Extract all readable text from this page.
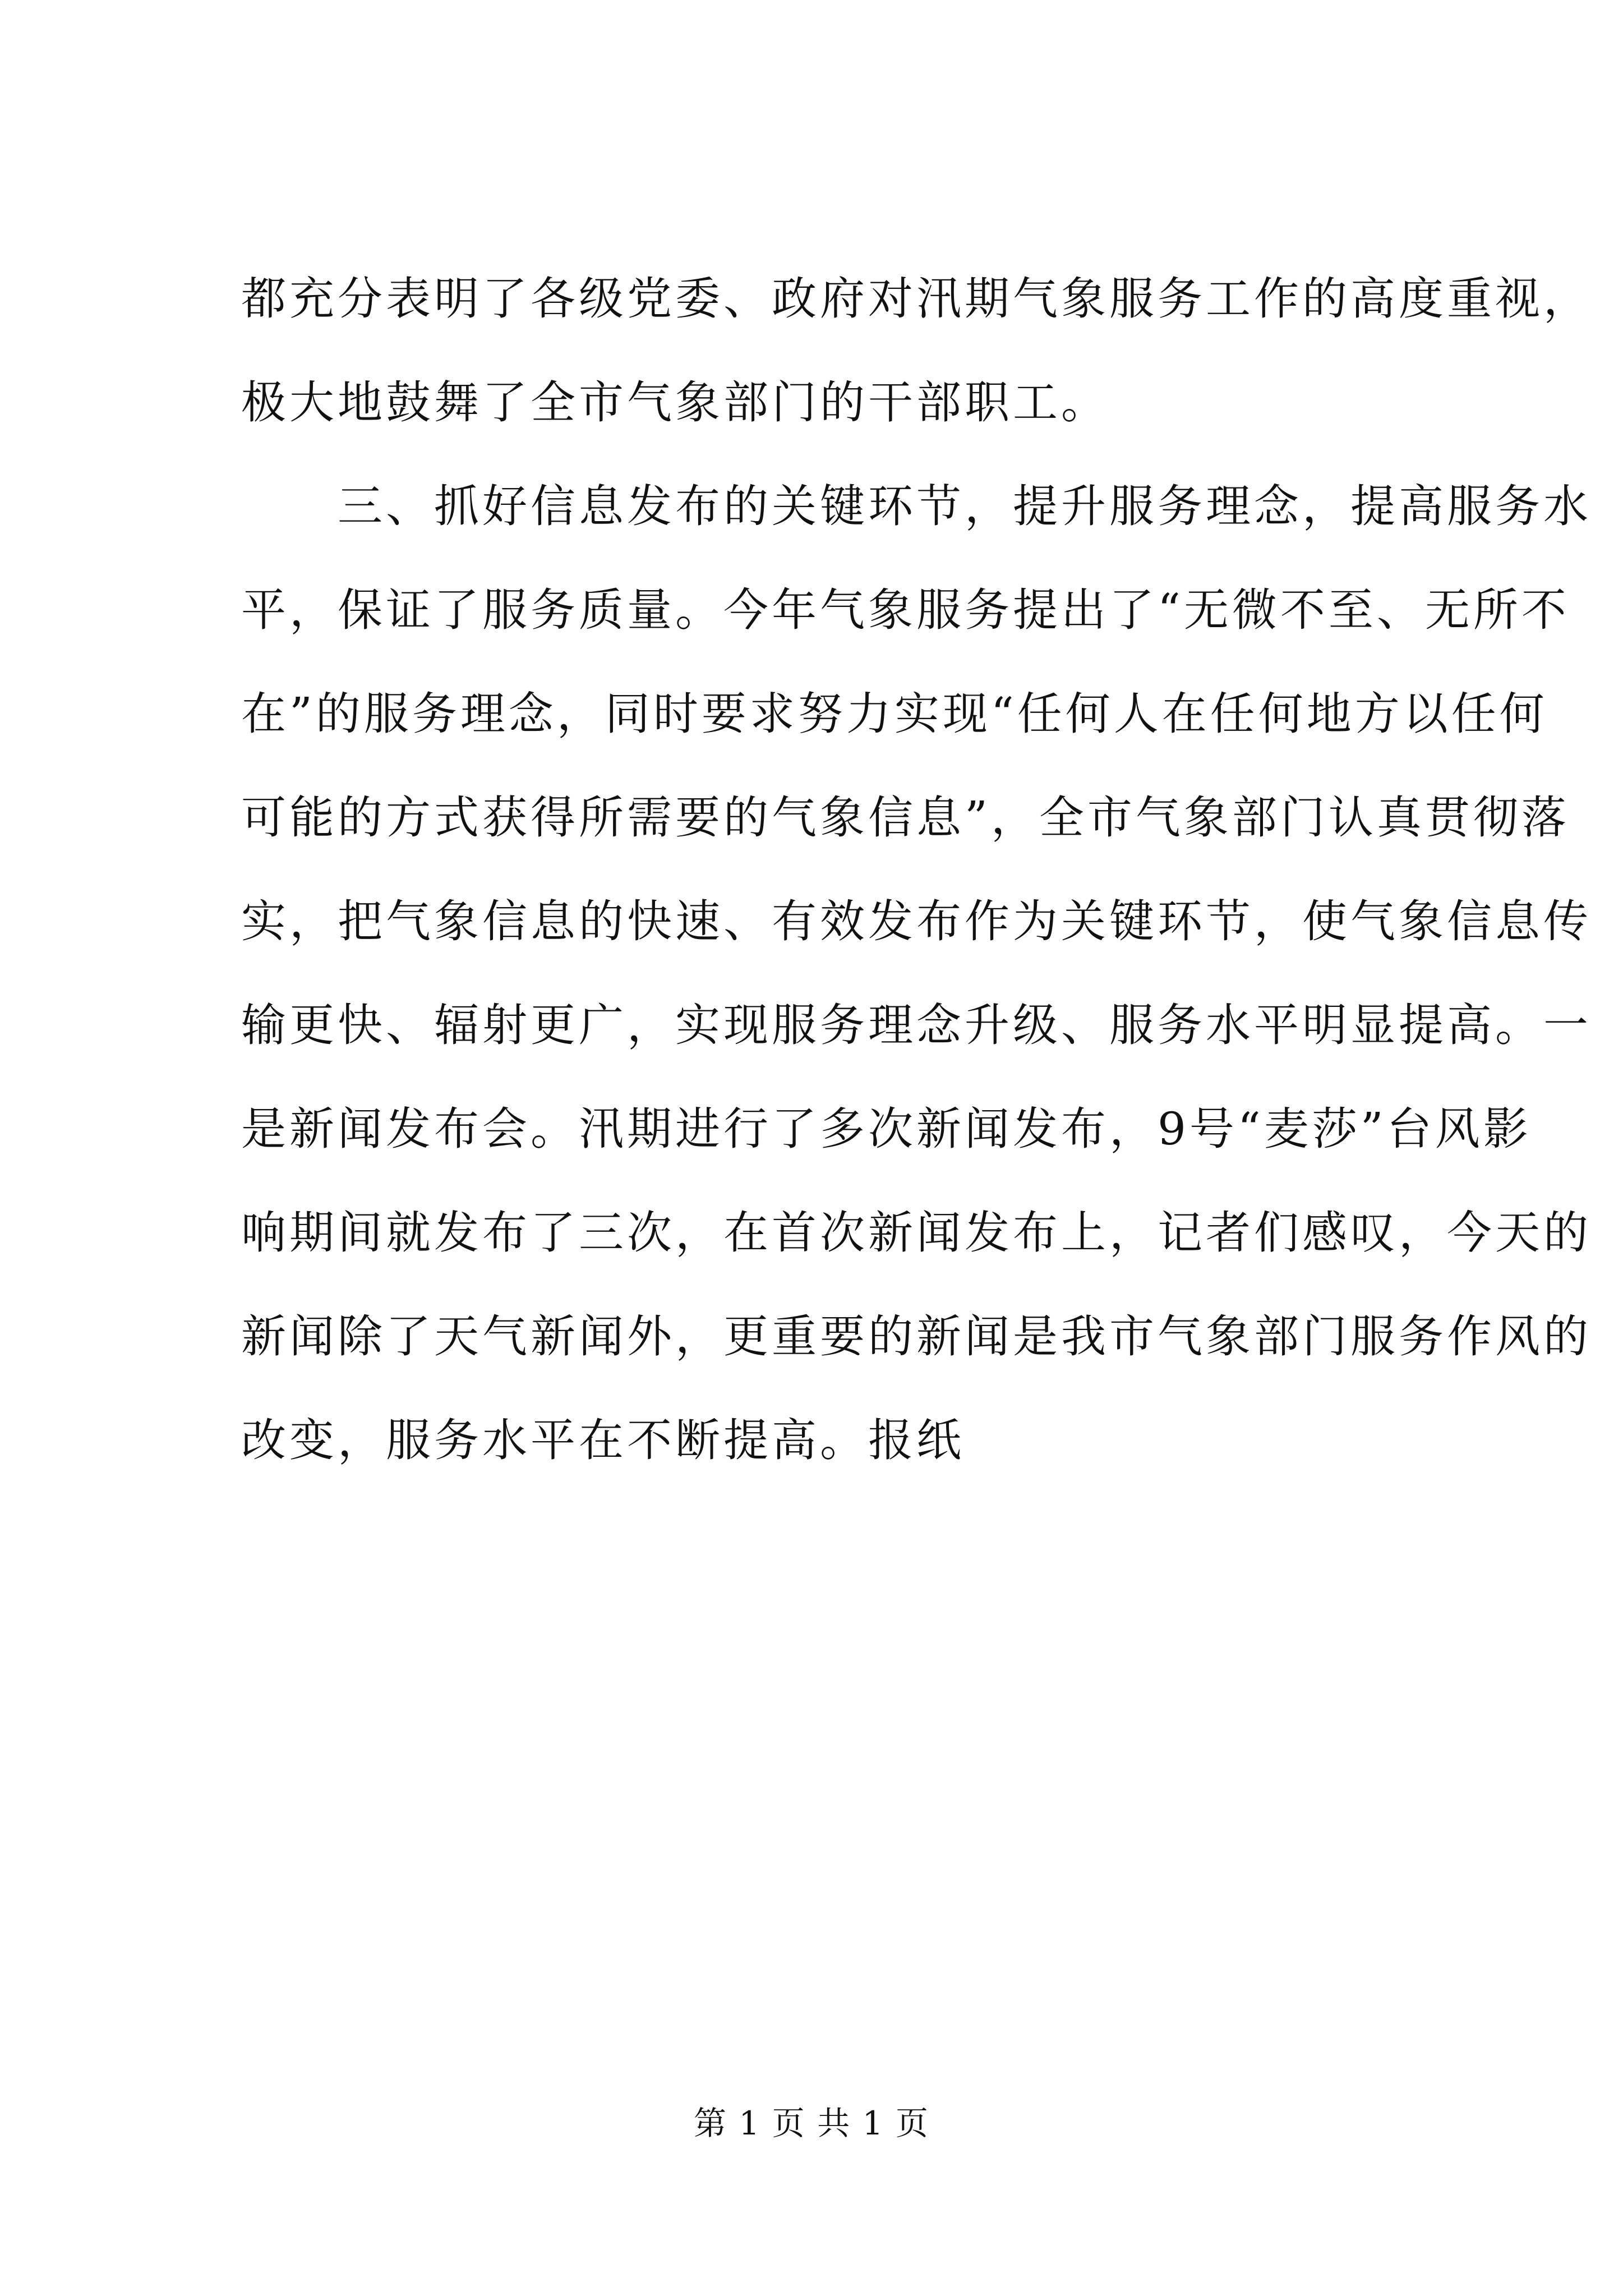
都充分表明了各级党委、政府对汛期气象服务工作的高度重视，
极大地鼓舞了全市气象部门的干部职工。
　　三、抓好信息发布的关键环节，提升服务理念，提高服务水
平，保证了服务质量。今年气象服务提出了“无微不至、无所不
在”的服务理念，同时要求努力实现“任何人在任何地方以任何
可能的方式获得所需要的气象信息”，全市气象部门认真贯彻落
实，把气象信息的快速、有效发布作为关键环节，使气象信息传
输更快、辐射更广，实现服务理念升级、服务水平明显提高。一
是新闻发布会。汛期进行了多次新闻发布，9号“麦莎”台风影
响期间就发布了三次，在首次新闻发布上，记者们感叹，今天的
新闻除了天气新闻外，更重要的新闻是我市气象部门服务作风的
改变，服务水平在不断提高。报纸
第 1 页 共 1 页
